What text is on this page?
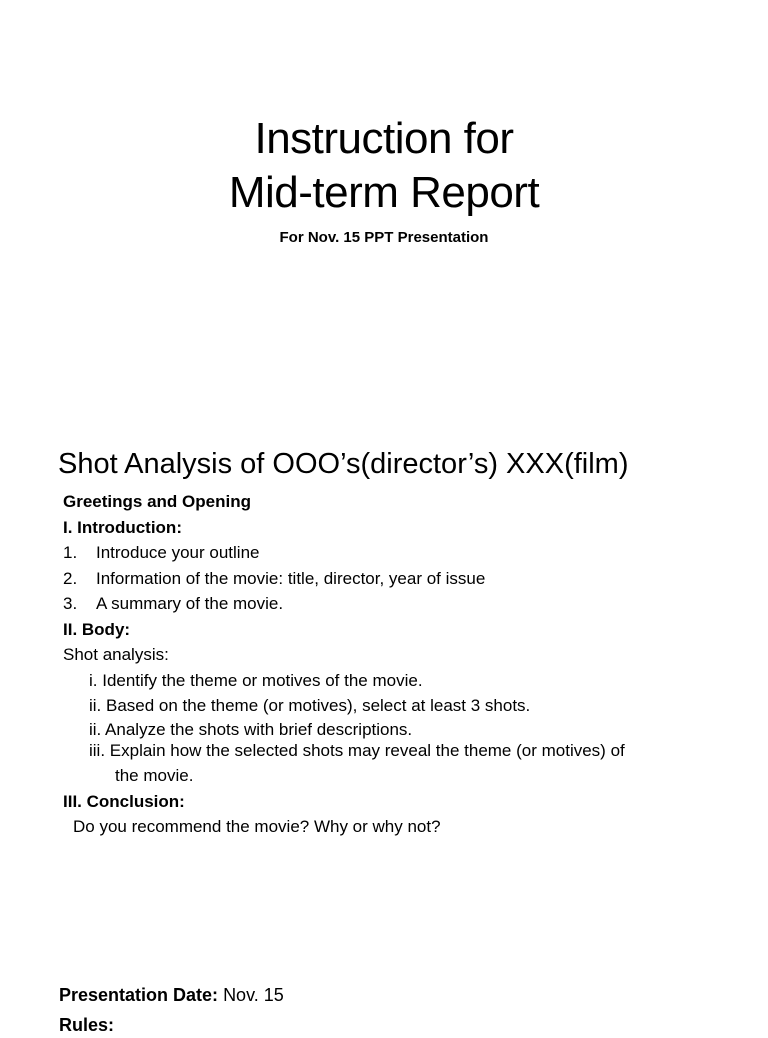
Instruction for
Mid-term Report
For Nov. 15 PPT Presentation
Shot Analysis of OOO’s(director’s) XXX(film)
Greetings and Opening
I. Introduction:
1. Introduce your outline
2. Information of the movie: title, director, year of issue
3. A summary of the movie.
II. Body:
Shot analysis:
i. Identify the theme or motives of the movie.
ii. Based on the theme (or motives), select at least 3 shots.
ii. Analyze the shots with brief descriptions.
iii. Explain how the selected shots may reveal the theme (or motives) of
the movie.
III. Conclusion:
Do you recommend the movie? Why or why not?
Presentation Date: Nov. 15
Rules:
